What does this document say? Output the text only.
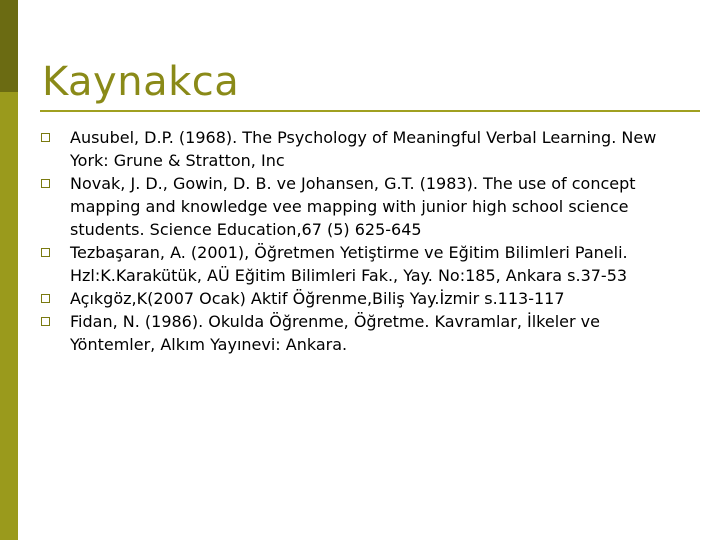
Kaynakca
Ausubel, D.P. (1968). The Psychology of Meaningful Verbal Learning. New York: Grune & Stratton, Inc
Novak, J. D., Gowin, D. B. ve Johansen, G.T. (1983). The use of concept mapping and knowledge vee mapping with junior high school science students. Science Education,67 (5) 625-645
Tezbaşaran, A. (2001), Öğretmen Yetiştirme ve Eğitim Bilimleri Paneli. Hzl:K.Karakütük, AÜ Eğitim Bilimleri Fak., Yay. No:185, Ankara s.37-53
Açıkgöz,K(2007 Ocak) Aktif Öğrenme,Biliş Yay.İzmir s.113-117
Fidan, N. (1986). Okulda Öğrenme, Öğretme. Kavramlar, İlkeler ve Yöntemler, Alkım Yayınevi: Ankara.
